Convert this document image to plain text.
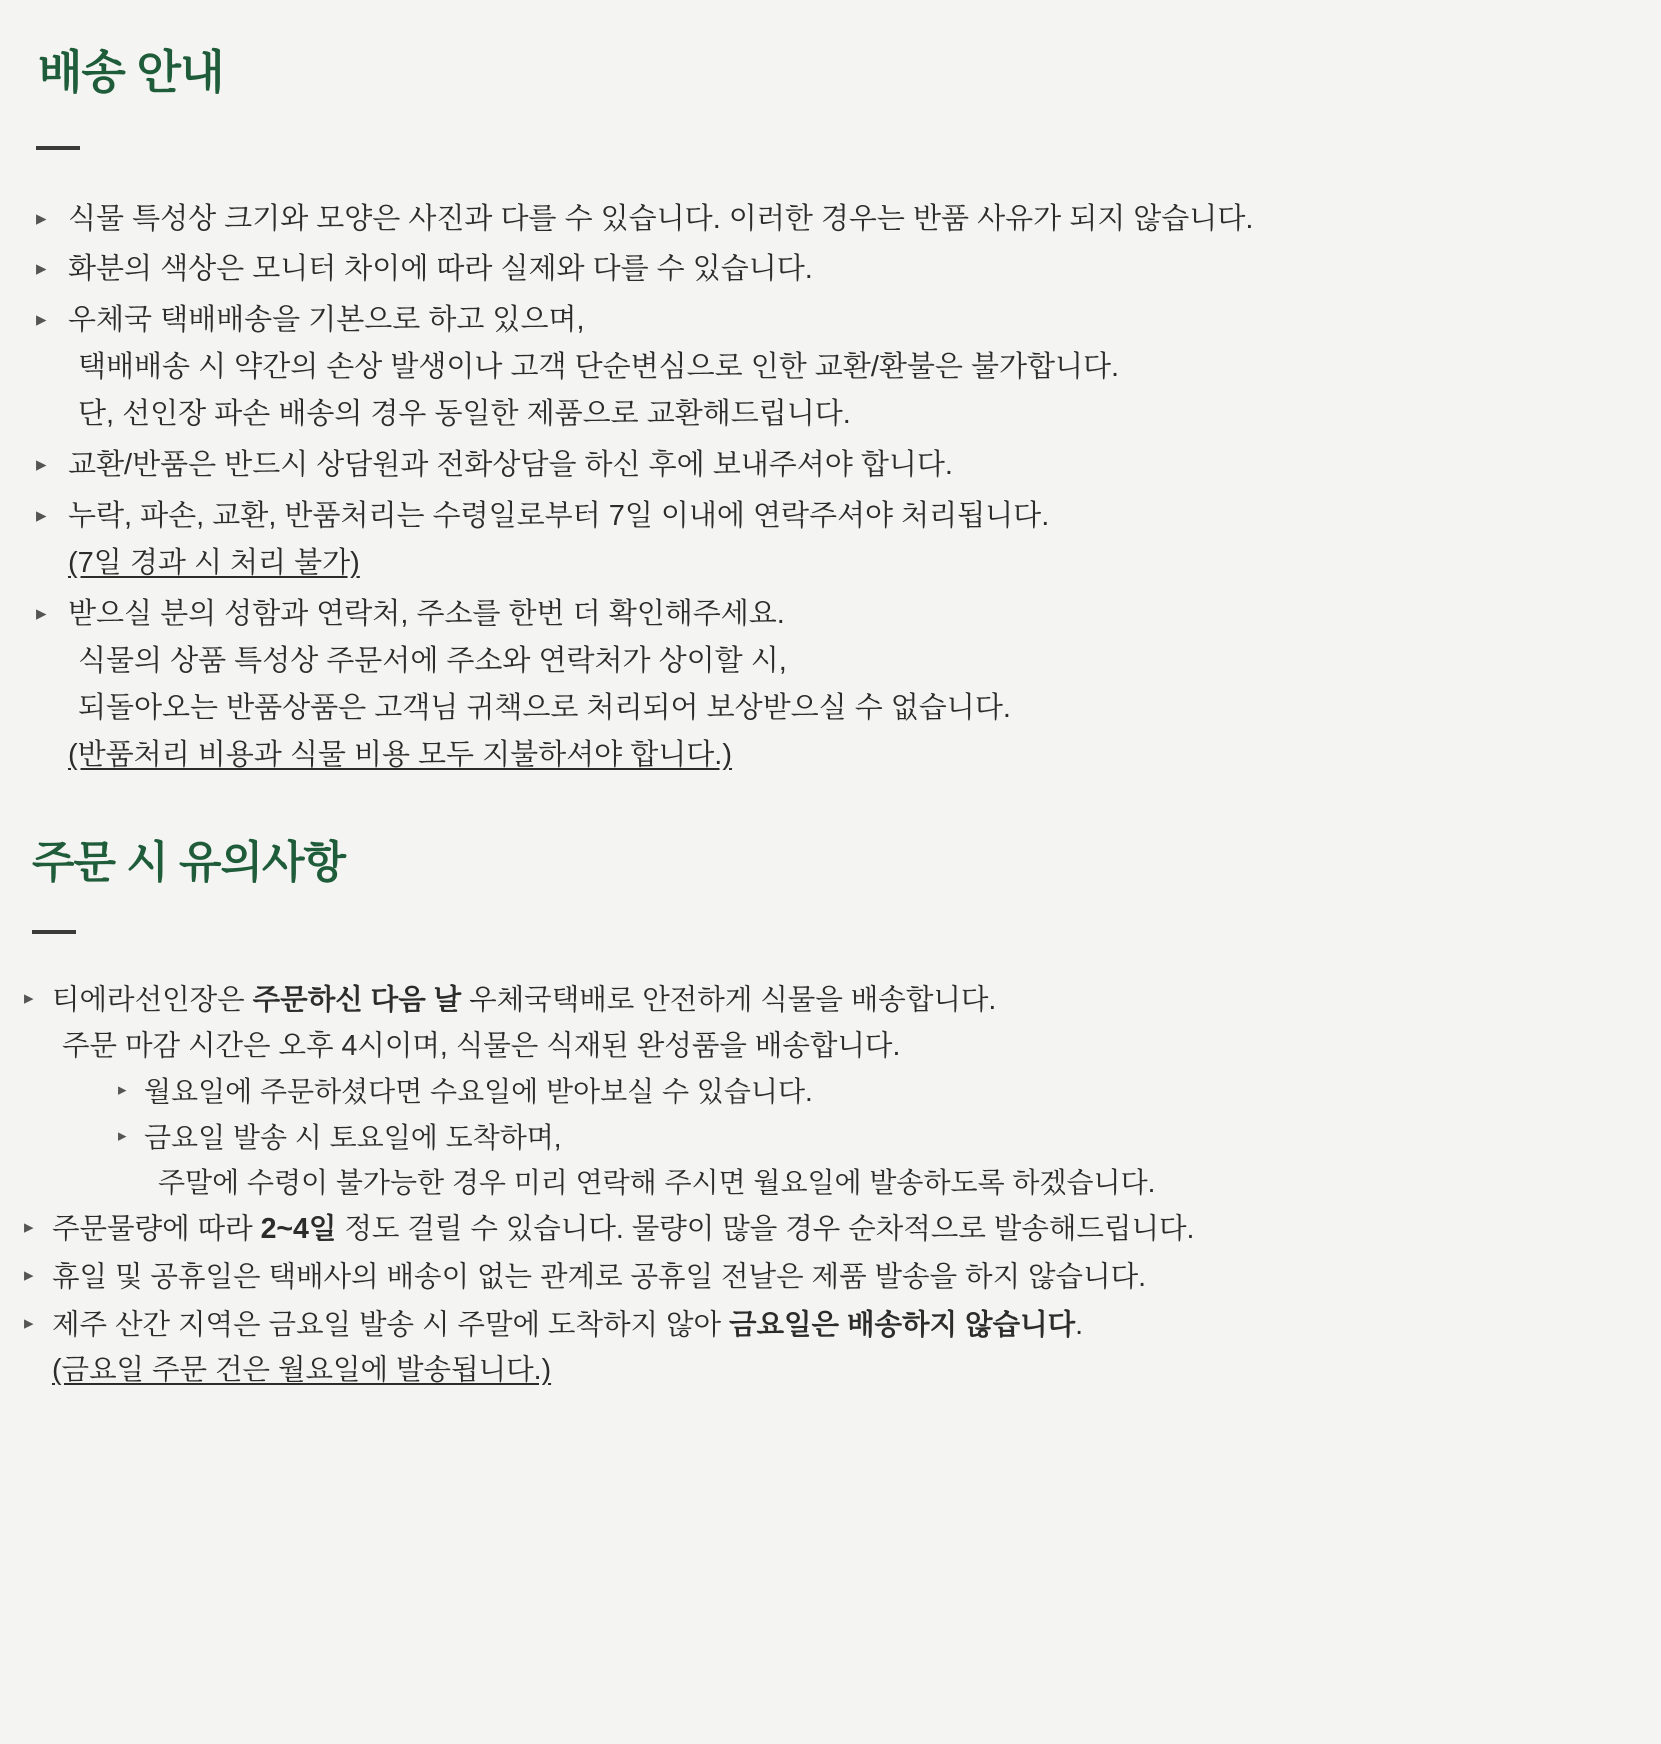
배송 안내
▸ 식물 특성상 크기와 모양은 사진과 다를 수 있습니다. 이러한 경우는 반품 사유가 되지 않습니다.
▸ 화분의 색상은 모니터 차이에 따라 실제와 다를 수 있습니다.
▸ 우체국 택배배송을 기본으로 하고 있으며,
택배배송 시 약간의 손상 발생이나 고객 단순변심으로 인한 교환/환불은 불가합니다.
단, 선인장 파손 배송의 경우 동일한 제품으로 교환해드립니다.
▸ 교환/반품은 반드시 상담원과 전화상담을 하신 후에 보내주셔야 합니다.
▸ 누락, 파손, 교환, 반품처리는 수령일로부터 7일 이내에 연락주셔야 처리됩니다.
(7일 경과 시 처리 불가)
▸ 받으실 분의 성함과 연락처, 주소를 한번 더 확인해주세요.
식물의 상품 특성상 주문서에 주소와 연락처가 상이할 시,
되돌아오는 반품상품은 고객님 귀책으로 처리되어 보상받으실 수 없습니다.
(반품처리 비용과 식물 비용 모두 지불하셔야 합니다.)
주문 시 유의사항
▸ 티에라선인장은 주문하신 다음 날 우체국택배로 안전하게 식물을 배송합니다.
주문 마감 시간은 오후 4시이며, 식물은 식재된 완성품을 배송합니다.
▸ 월요일에 주문하셨다면 수요일에 받아보실 수 있습니다.
▸ 금요일 발송 시 토요일에 도착하며,
주말에 수령이 불가능한 경우 미리 연락해 주시면 월요일에 발송하도록 하겠습니다.
▸ 주문물량에 따라 2~4일 정도 걸릴 수 있습니다. 물량이 많을 경우 순차적으로 발송해드립니다.
▸ 휴일 및 공휴일은 택배사의 배송이 없는 관계로 공휴일 전날은 제품 발송을 하지 않습니다.
▸ 제주 산간 지역은 금요일 발송 시 주말에 도착하지 않아 금요일은 배송하지 않습니다.
(금요일 주문 건은 월요일에 발송됩니다.)
